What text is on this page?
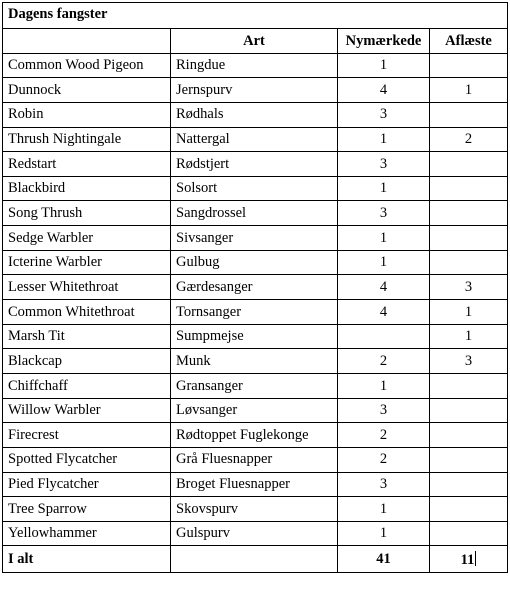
Dagens fangster			
	Art	Nymærkede	Aflæste
Common Wood Pigeon	Ringdue	1	
Dunnock	Jernspurv	4	1
Robin	Rødhals	3	
Thrush Nightingale	Nattergal	1	2
Redstart	Rødstjert	3	
Blackbird	Solsort	1	
Song Thrush	Sangdrossel	3	
Sedge Warbler	Sivsanger	1	
Icterine Warbler	Gulbug	1	
Lesser Whitethroat	Gærdesanger	4	3
Common Whitethroat	Tornsanger	4	1
Marsh Tit	Sumpmejse		1
Blackcap	Munk	2	3
Chiffchaff	Gransanger	1	
Willow Warbler	Løvsanger	3	
Firecrest	Rødtoppet Fuglekonge	2	
Spotted Flycatcher	Grå Fluesnapper	2	
Pied Flycatcher	Broget Fluesnapper	3	
Tree Sparrow	Skovspurv	1	
Yellowhammer	Gulspurv	1	
I alt		41	11
